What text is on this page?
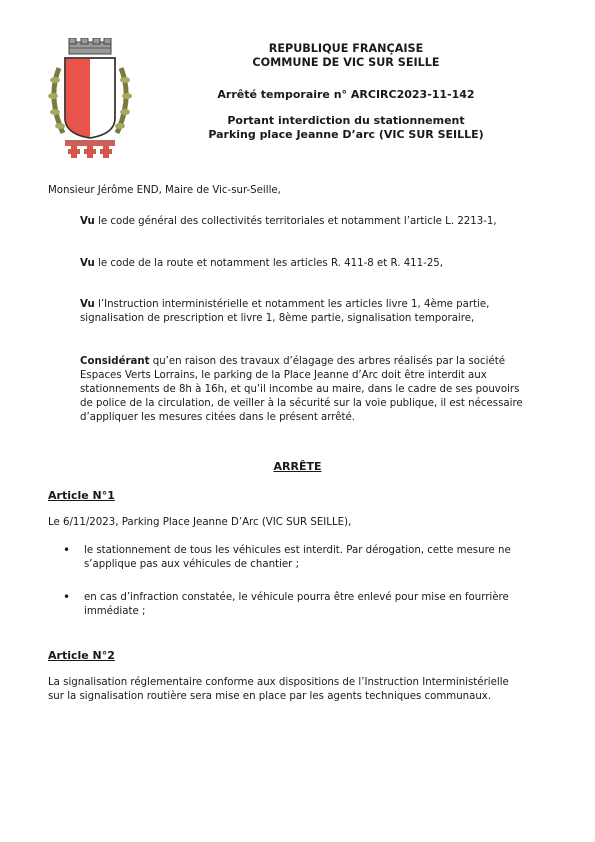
REPUBLIQUE FRANÇAISE
COMMUNE DE VIC SUR SEILLE
Arrêté temporaire n° ARCIRC2023-11-142
Portant interdiction du stationnement
Parking place Jeanne D’arc (VIC SUR SEILLE)
Monsieur Jérôme END, Maire de Vic-sur-Seille,
Vu le code général des collectivités territoriales et notamment l’article L. 2213-1,
Vu le code de la route et notamment les articles R. 411-8 et R. 411-25,
Vu l’Instruction interministérielle et notamment les articles livre 1, 4ème partie,
signalisation de prescription et livre 1, 8ème partie, signalisation temporaire,
Considérant qu’en raison des travaux d’élagage des arbres réalisés par la société
Espaces Verts Lorrains, le parking de la Place Jeanne d’Arc doit être interdit aux
stationnements de 8h à 16h, et qu’il incombe au maire, dans le cadre de ses pouvoirs
de police de la circulation, de veiller à la sécurité sur la voie publique, il est nécessaire
d’appliquer les mesures citées dans le présent arrêté.
ARRÊTE
Article N°1
Le 6/11/2023, Parking Place Jeanne D’Arc (VIC SUR SEILLE),
• le stationnement de tous les véhicules est interdit. Par dérogation, cette mesure ne
s’applique pas aux véhicules de chantier ;
• en cas d’infraction constatée, le véhicule pourra être enlevé pour mise en fourrière
immédiate ;
Article N°2
La signalisation réglementaire conforme aux dispositions de l’Instruction Interministérielle
sur la signalisation routière sera mise en place par les agents techniques communaux.
